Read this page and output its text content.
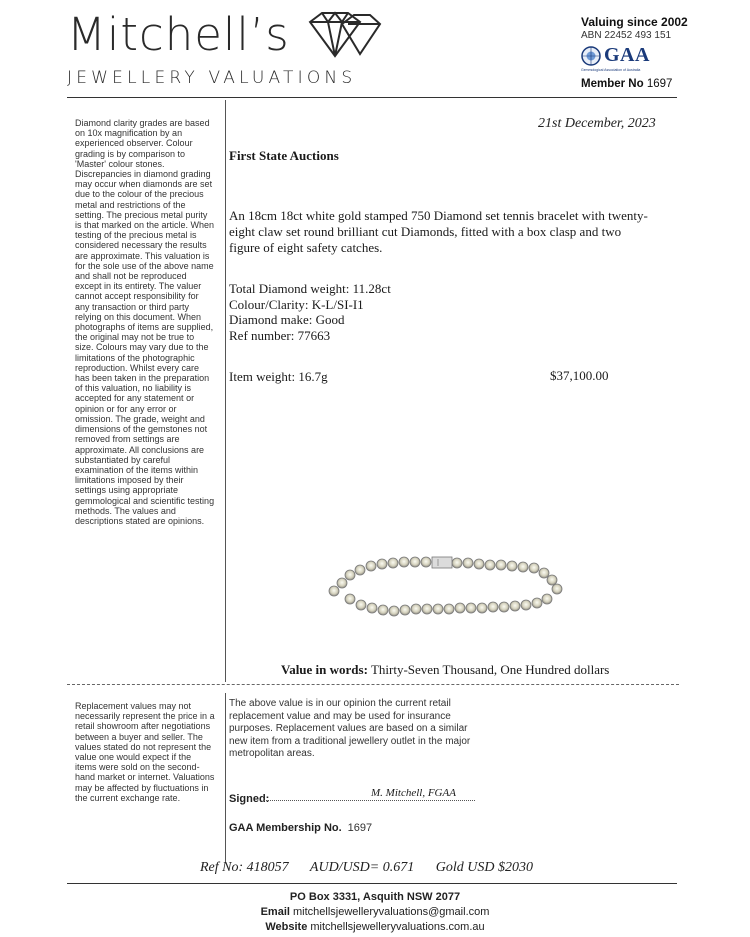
Mitchell’s
JEWELLERY VALUATIONS
Valuing since 2002
ABN 22452 493 151
GAA
Gemmological Association of Australia
Member No 1697
Diamond clarity grades are based on 10x magnification by an experienced observer. Colour grading is by comparison to 'Master' colour stones. Discrepancies in diamond grading may occur when diamonds are set due to the colour of the precious metal and restrictions of the setting. The precious metal purity is that marked on the article. When testing of the precious metal is considered necessary the results are approximate. This valuation is for the sole use of the above name and shall not be reproduced except in its entirety. The valuer cannot accept responsibility for any transaction or third party relying on this document. When photographs of items are supplied, the original may not be true to size. Colours may vary due to the limitations of the photographic reproduction. Whilst every care has been taken in the preparation of this valuation, no liability is accepted for any statement or opinion or for any error or omission. The grade, weight and dimensions of the gemstones not removed from settings are approximate. All conclusions are substantiated by careful examination of the items within limitations imposed by their settings using appropriate gemmological and scientific testing methods. The values and descriptions stated are opinions.
Replacement values may not necessarily represent the price in a retail showroom after negotiations between a buyer and seller. The values stated do not represent the value one would expect if the items were sold on the second-hand market or internet. Valuations may be affected by fluctuations in the current exchange rate.
21st December, 2023
First State Auctions
An 18cm 18ct white gold stamped 750 Diamond set tennis bracelet with twenty-eight claw set round brilliant cut Diamonds, fitted with a box clasp and two figure of eight safety catches.
Total Diamond weight: 11.28ct
Colour/Clarity: K-L/SI-I1
Diamond make: Good
Ref number: 77663
Item weight: 16.7g	$37,100.00
Value in words: Thirty-Seven Thousand, One Hundred dollars
The above value is in our opinion the current retail replacement value and may be used for insurance purposes. Replacement values are based on a similar new item from a traditional jewellery outlet in the major metropolitan areas.
Signed:	M. Mitchell, FGAA
GAA Membership No. 1697
Ref No: 418057 AUD/USD= 0.671 Gold USD $2030
PO Box 3331, Asquith NSW 2077
Email mitchellsjewelleryvaluations@gmail.com
Website mitchellsjewelleryvaluations.com.au
